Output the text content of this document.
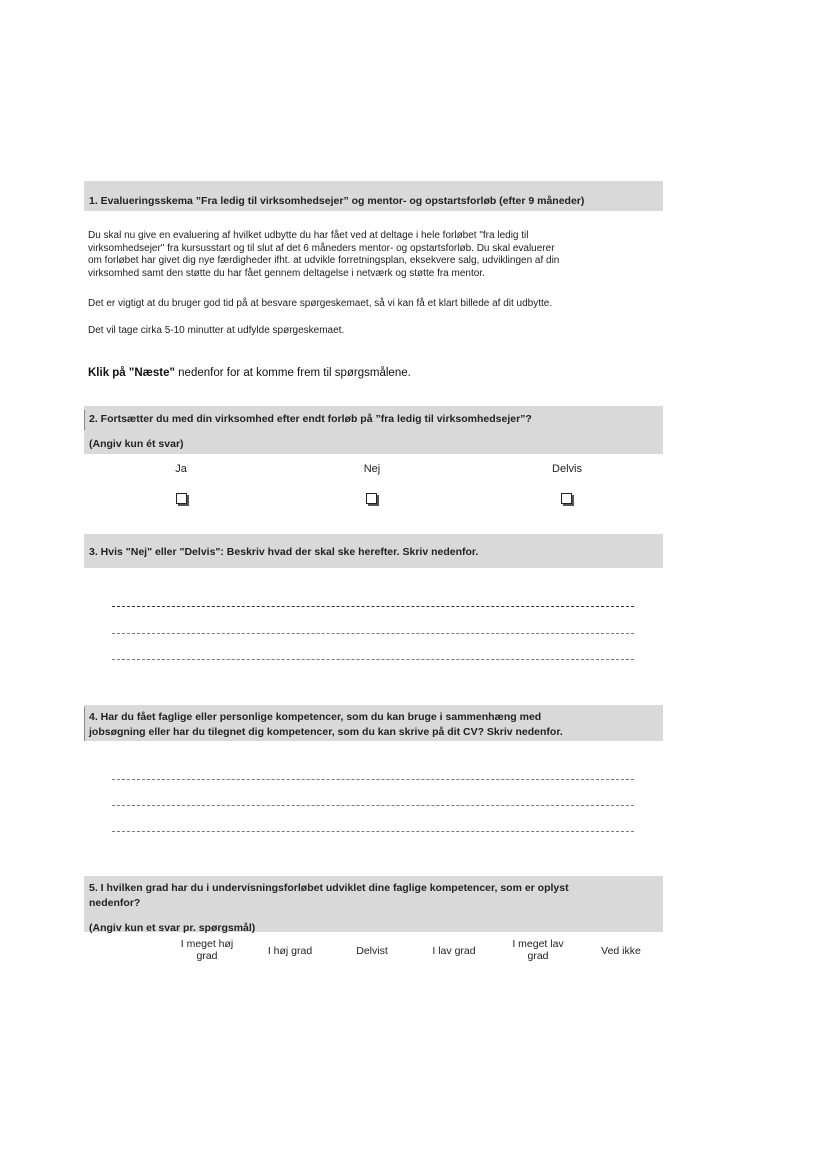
1. Evalueringsskema ”Fra ledig til virksomhedsejer” og mentor- og opstartsforløb (efter 9 måneder)
Du skal nu give en evaluering af hvilket udbytte du har fået ved at deltage i hele forløbet "fra ledig til
virksomhedsejer" fra kursusstart og til slut af det 6 måneders mentor- og opstartsforløb. Du skal evaluerer
om forløbet har givet dig nye færdigheder ifht. at udvikle forretningsplan, eksekvere salg, udviklingen af din
virksomhed samt den støtte du har fået gennem deltagelse i netværk og støtte fra mentor.
Det er vigtigt at du bruger god tid på at besvare spørgeskemaet, så vi kan få et klart billede af dit udbytte.
Det vil tage cirka 5-10 minutter at udfylde spørgeskemaet.
Klik på "Næste" nedenfor for at komme frem til spørgsmålene.
2. Fortsætter du med din virksomhed efter endt forløb på ”fra ledig til virksomhedsejer”?
(Angiv kun ét svar)
Ja	Nej	Delvis
3. Hvis "Nej" eller "Delvis": Beskriv hvad der skal ske herefter. Skriv nedenfor.
4. Har du fået faglige eller personlige kompetencer, som du kan bruge i sammenhæng med
jobsøgning eller har du tilegnet dig kompetencer, som du kan skrive på dit CV? Skriv nedenfor.
5. I hvilken grad har du i undervisningsforløbet udviklet dine faglige kompetencer, som er oplyst
nedenfor?
(Angiv kun et svar pr. spørgsmål)
I meget høj
grad	I høj grad	Delvist	I lav grad
I meget lav
grad	Ved ikke
